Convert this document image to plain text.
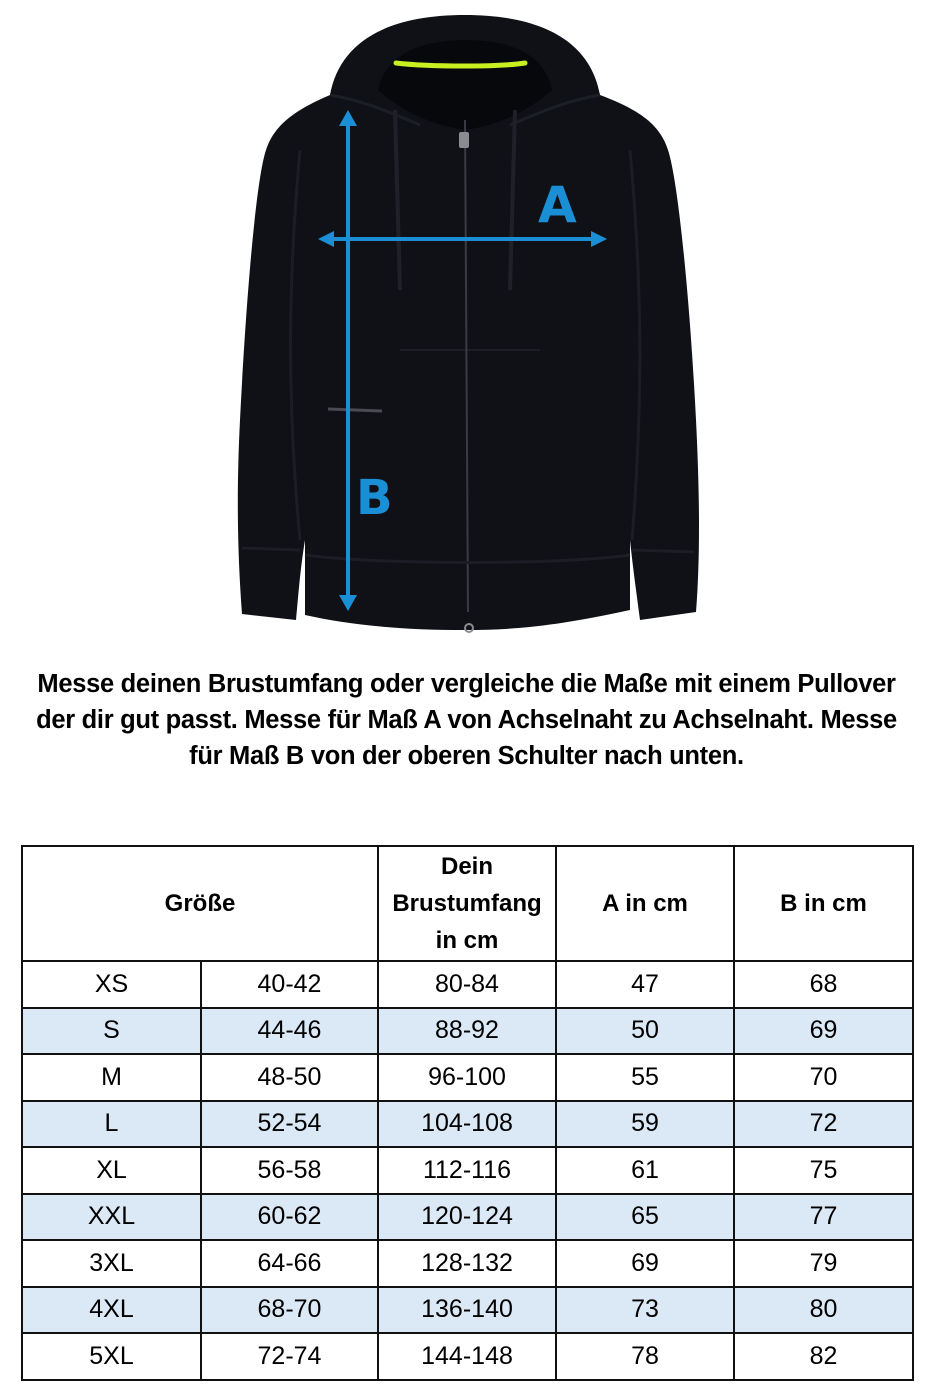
A
B
Messe deinen Brustumfang oder vergleiche die Maße mit einem Pullover der dir gut passt. Messe für Maß A von Achselnaht zu Achselnaht. Messe für Maß B von der oberen Schulter nach unten.
Größe		Dein Brustumfang in cm	A in cm	B in cm
XS	40-42	80-84	47	68
S	44-46	88-92	50	69
M	48-50	96-100	55	70
L	52-54	104-108	59	72
XL	56-58	112-116	61	75
XXL	60-62	120-124	65	77
3XL	64-66	128-132	69	79
4XL	68-70	136-140	73	80
5XL	72-74	144-148	78	82
